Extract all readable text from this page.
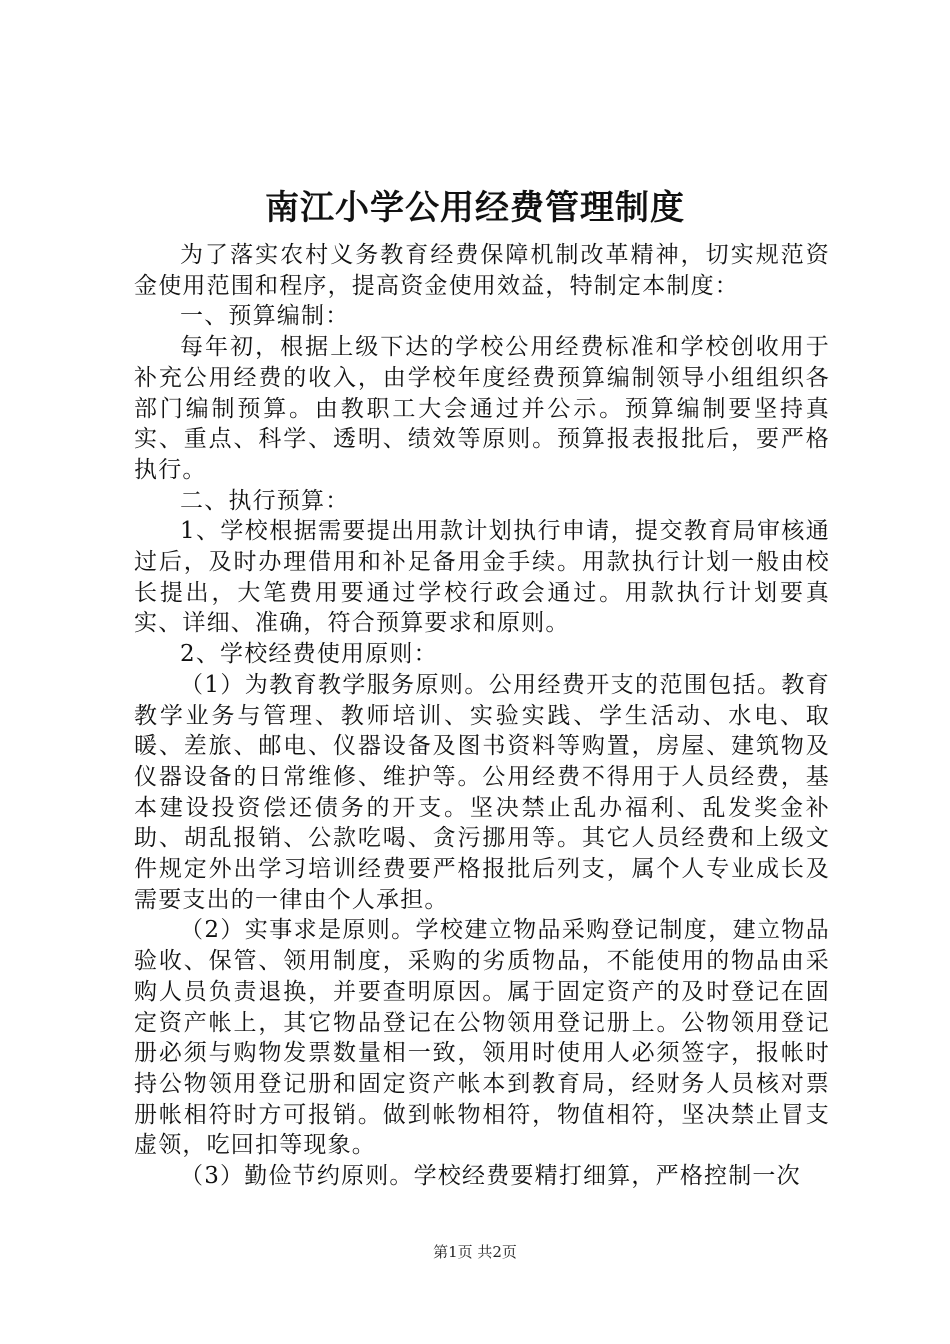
南江小学公用经费管理制度

为了落实农村义务教育经费保障机制改革精神，切实规范资金使用范围和程序，提高资金使用效益，特制定本制度：

一、预算编制：

每年初，根据上级下达的学校公用经费标准和学校创收用于补充公用经费的收入，由学校年度经费预算编制领导小组组织各部门编制预算。由教职工大会通过并公示。预算编制要坚持真实、重点、科学、透明、绩效等原则。预算报表报批后，要严格执行。

二、执行预算：

1、学校根据需要提出用款计划执行申请，提交教育局审核通过后，及时办理借用和补足备用金手续。用款执行计划一般由校长提出，大笔费用要通过学校行政会通过。用款执行计划要真实、详细、准确，符合预算要求和原则。

2、学校经费使用原则：

（1）为教育教学服务原则。公用经费开支的范围包括。教育教学业务与管理、教师培训、实验实践、学生活动、水电、取暖、差旅、邮电、仪器设备及图书资料等购置，房屋、建筑物及仪器设备的日常维修、维护等。公用经费不得用于人员经费，基本建设投资偿还债务的开支。坚决禁止乱办福利、乱发奖金补助、胡乱报销、公款吃喝、贪污挪用等。其它人员经费和上级文件规定外出学习培训经费要严格报批后列支，属个人专业成长及需要支出的一律由个人承担。

（2）实事求是原则。学校建立物品采购登记制度，建立物品验收、保管、领用制度，采购的劣质物品，不能使用的物品由采购人员负责退换，并要查明原因。属于固定资产的及时登记在固定资产帐上，其它物品登记在公物领用登记册上。公物领用登记册必须与购物发票数量相一致，领用时使用人必须签字，报帐时持公物领用登记册和固定资产帐本到教育局，经财务人员核对票册帐相符时方可报销。做到帐物相符，物值相符，坚决禁止冒支虚领，吃回扣等现象。

（3）勤俭节约原则。学校经费要精打细算，严格控制一次

第1页 共2页
